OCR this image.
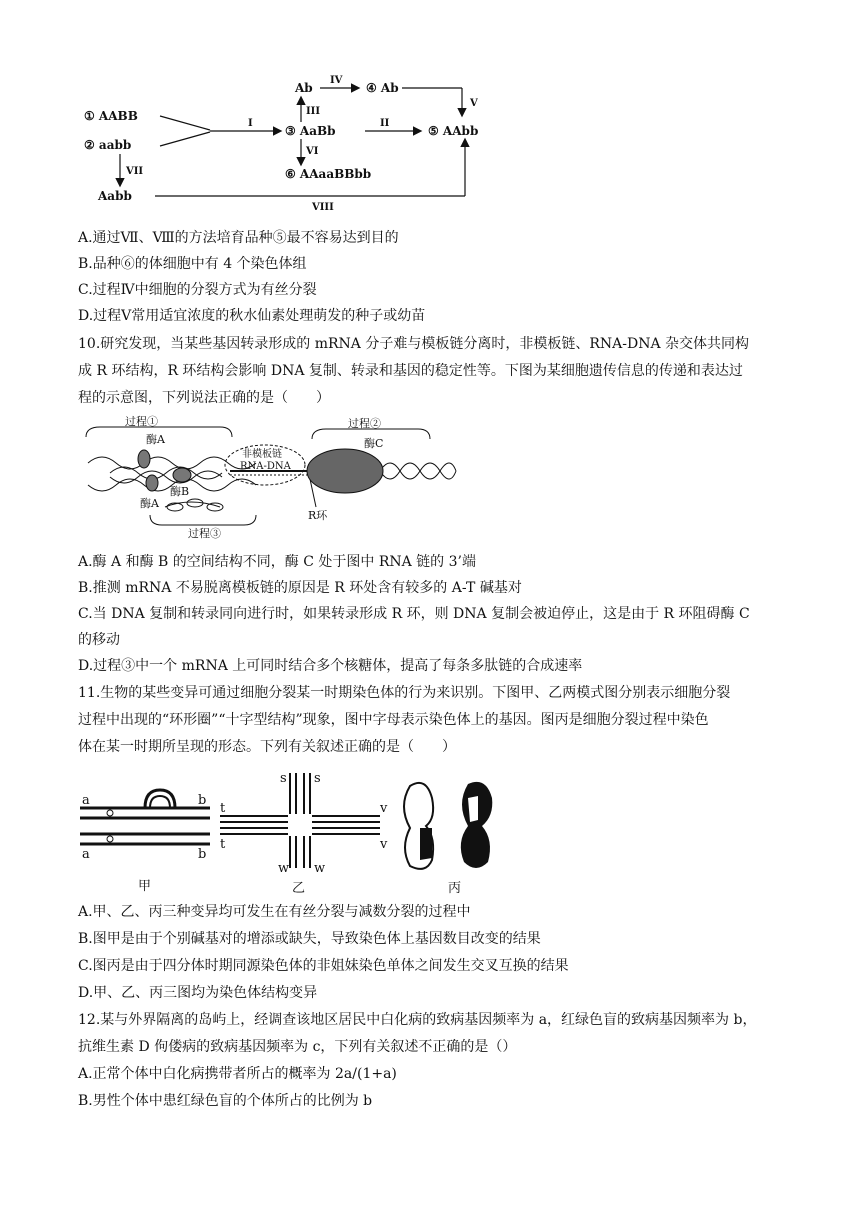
① AABB
② aabb
③ AaBb
Ab	④ Ab
⑤ AAbb
⑥ AAaaBBbb
Aabb
I	II
III
IV
V
VI
VII
VIII
A.通过Ⅶ、Ⅷ的方法培育品种⑤最不容易达到目的
B.品种⑥的体细胞中有 4 个染色体组
C.过程Ⅳ中细胞的分裂方式为有丝分裂
D.过程Ⅴ常用适宜浓度的秋水仙素处理萌发的种子或幼苗
10.研究发现，当某些基因转录形成的 mRNA 分子难与模板链分离时，非模板链、RNA-DNA 杂交体共同构
成 R 环结构，R 环结构会影响 DNA 复制、转录和基因的稳定性等。下图为某细胞遗传信息的传递和表达过
程的示意图，下列说法正确的是（　　）
过程①	过程②
过程③
酶A
酶A
酶B
酶C
非模板链
RNA-DNA
R环
A.酶 A 和酶 B 的空间结构不同，酶 C 处于图中 RNA 链的 3’端
B.推测 mRNA 不易脱离模板链的原因是 R 环处含有较多的 A-T 碱基对
C.当 DNA 复制和转录同向进行时，如果转录形成 R 环，则 DNA 复制会被迫停止，这是由于 R 环阻碍酶 C
的移动
D.过程③中一个 mRNA 上可同时结合多个核糖体，提高了每条多肽链的合成速率
11.生物的某些变异可通过细胞分裂某一时期染色体的行为来识别。下图甲、乙两模式图分别表示细胞分裂
过程中出现的“环形圈”“十字型结构”现象，图中字母表示染色体上的基因。图丙是细胞分裂过程中染色
体在某一时期所呈现的形态。下列有关叙述正确的是（　　）
a
a
b
b
s s
t
t
v
v
w w
甲	乙	丙
A.甲、乙、丙三种变异均可发生在有丝分裂与减数分裂的过程中
B.图甲是由于个别碱基对的增添或缺失，导致染色体上基因数目改变的结果
C.图丙是由于四分体时期同源染色体的非姐妹染色单体之间发生交叉互换的结果
D.甲、乙、丙三图均为染色体结构变异
12.某与外界隔离的岛屿上，经调查该地区居民中白化病的致病基因频率为 a，红绿色盲的致病基因频率为 b，
抗维生素 D 佝偻病的致病基因频率为 c，下列有关叙述不正确的是（）
A.正常个体中白化病携带者所占的概率为 2a/(1+a)
B.男性个体中患红绿色盲的个体所占的比例为 b
